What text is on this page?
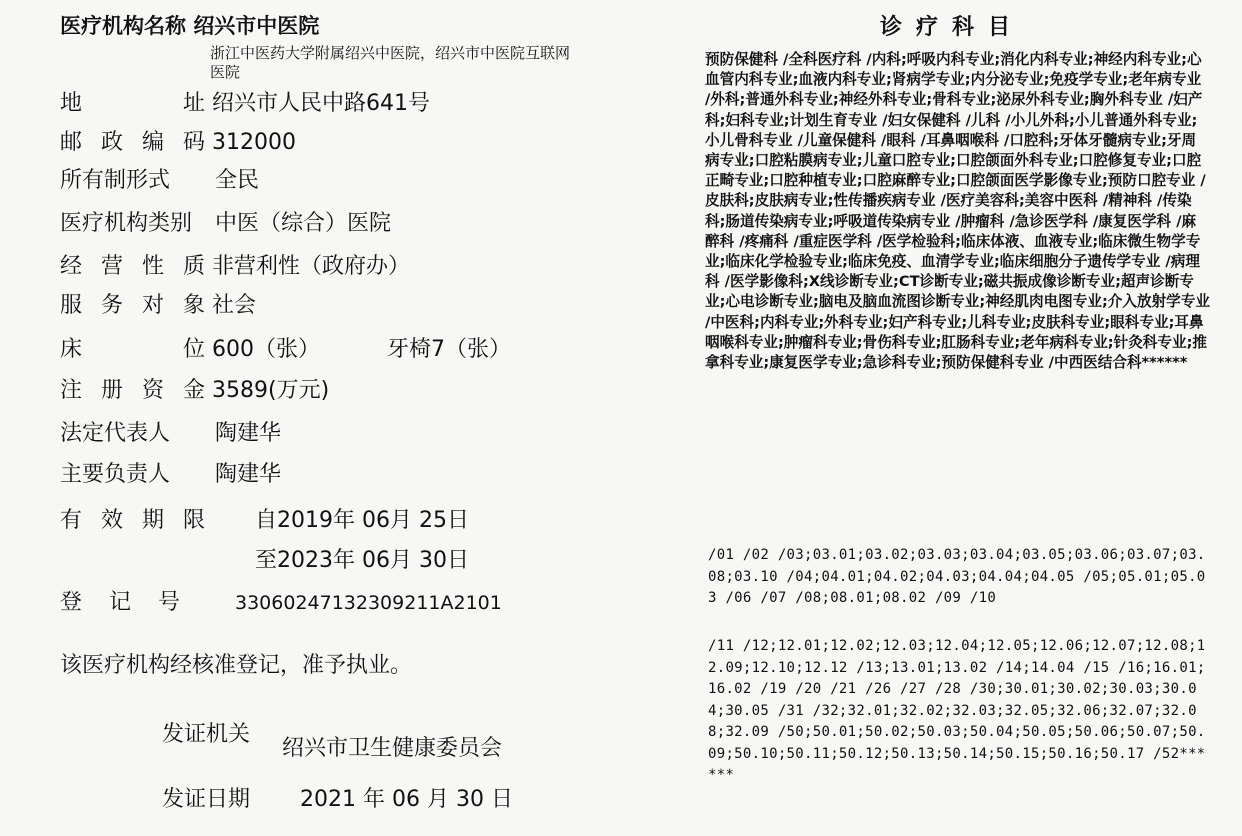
医疗机构名称 绍兴市中医院
浙江中医药大学附属绍兴中医院，绍兴市中医院互联网医院
地	址 绍兴市人民中路641号
邮 政 编 码 312000
所有制形式 全民
医疗机构类别 中医（综合）医院
经 营 性 质 非营利性（政府办）
服 务 对 象 社会
床	位 600（张）	牙椅7（张）
注 册 资 金 3589(万元)
法定代表人 陶建华
主要负责人 陶建华
有 效 期 限 自2019年 06月 25日
至2023年 06月 30日
登 记 号	33060247132309211A2101
该医疗机构经核准登记，准予执业。
发证机关
绍兴市卫生健康委员会
发证日期 2021 年 06 月 30 日
诊疗科目
预防保健科 /全科医疗科 /内科;呼吸内科专业;消化内科专业;神经内科专业;心血管内科专业;血液内科专业;肾病学专业;内分泌专业;免疫学专业;老年病专业 /外科;普通外科专业;神经外科专业;骨科专业;泌尿外科专业;胸外科专业 /妇产科;妇科专业;计划生育专业 /妇女保健科 /儿科 /小儿外科;小儿普通外科专业;小儿骨科专业 /儿童保健科 /眼科 /耳鼻咽喉科 /口腔科;牙体牙髓病专业;牙周病专业;口腔粘膜病专业;儿童口腔专业;口腔颌面外科专业;口腔修复专业;口腔正畸专业;口腔种植专业;口腔麻醉专业;口腔颌面医学影像专业;预防口腔专业 /皮肤科;皮肤病专业;性传播疾病专业 /医疗美容科;美容中医科 /精神科 /传染科;肠道传染病专业;呼吸道传染病专业 /肿瘤科 /急诊医学科 /康复医学科 /麻醉科 /疼痛科 /重症医学科 /医学检验科;临床体液、血液专业;临床微生物学专业;临床化学检验专业;临床免疫、血清学专业;临床细胞分子遗传学专业 /病理科 /医学影像科;X线诊断专业;CT诊断专业;磁共振成像诊断专业;超声诊断专业;心电诊断专业;脑电及脑血流图诊断专业;神经肌肉电图专业;介入放射学专业 /中医科;内科专业;外科专业;妇产科专业;儿科专业;皮肤科专业;眼科专业;耳鼻咽喉科专业;肿瘤科专业;骨伤科专业;肛肠科专业;老年病科专业;针灸科专业;推拿科专业;康复医学专业;急诊科专业;预防保健科专业 /中西医结合科******
/01 /02 /03;03.01;03.02;03.03;03.04;03.05;03.06;03.07;03.08;03.10 /04;04.01;04.02;04.03;04.04;04.05 /05;05.01;05.03 /06 /07 /08;08.01;08.02 /09 /10
/11 /12;12.01;12.02;12.03;12.04;12.05;12.06;12.07;12.08;12.09;12.10;12.12 /13;13.01;13.02 /14;14.04 /15 /16;16.01;16.02 /19 /20 /21 /26 /27 /28 /30;30.01;30.02;30.03;30.04;30.05 /31 /32;32.01;32.02;32.03;32.05;32.06;32.07;32.08;32.09 /50;50.01;50.02;50.03;50.04;50.05;50.06;50.07;50.09;50.10;50.11;50.12;50.13;50.14;50.15;50.16;50.17 /52******
